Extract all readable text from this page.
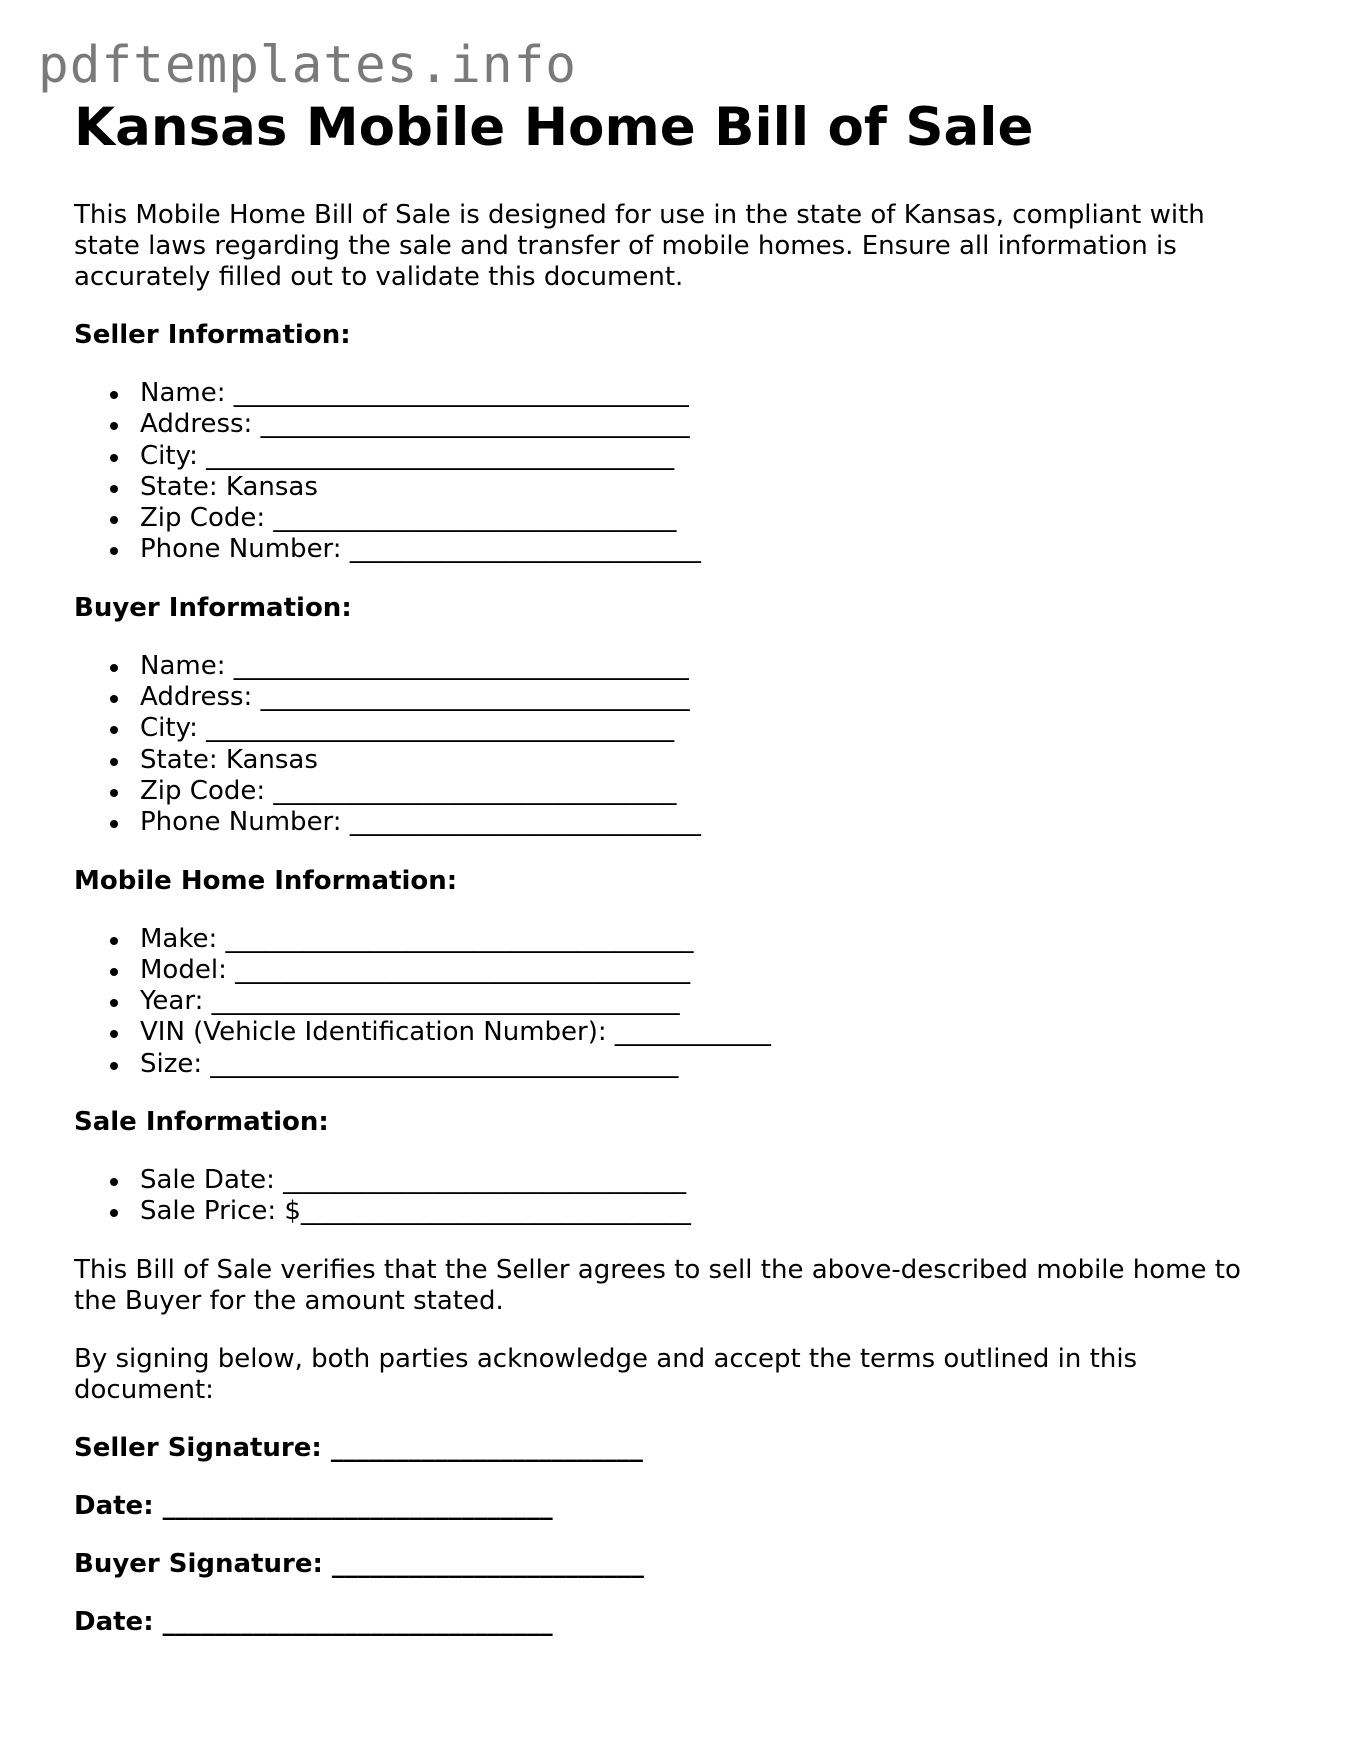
pdftemplates.info
Kansas Mobile Home Bill of Sale

This Mobile Home Bill of Sale is designed for use in the state of Kansas, compliant with state laws regarding the sale and transfer of mobile homes. Ensure all information is accurately filled out to validate this document.

Seller Information:

Name: ___________________________________
Address: _________________________________
City: ____________________________________
State: Kansas
Zip Code: _______________________________
Phone Number: ___________________________

Buyer Information:

Name: ___________________________________
Address: _________________________________
City: ____________________________________
State: Kansas
Zip Code: _______________________________
Phone Number: ___________________________

Mobile Home Information:

Make: ____________________________________
Model: ___________________________________
Year: ____________________________________
VIN (Vehicle Identification Number): ____________
Size: ____________________________________

Sale Information:

Sale Date: _______________________________
Sale Price: $______________________________

This Bill of Sale verifies that the Seller agrees to sell the above-described mobile home to the Buyer for the amount stated.

By signing below, both parties acknowledge and accept the terms outlined in this document:

Seller Signature: ________________________

Date: ______________________________

Buyer Signature: ________________________

Date: ______________________________
